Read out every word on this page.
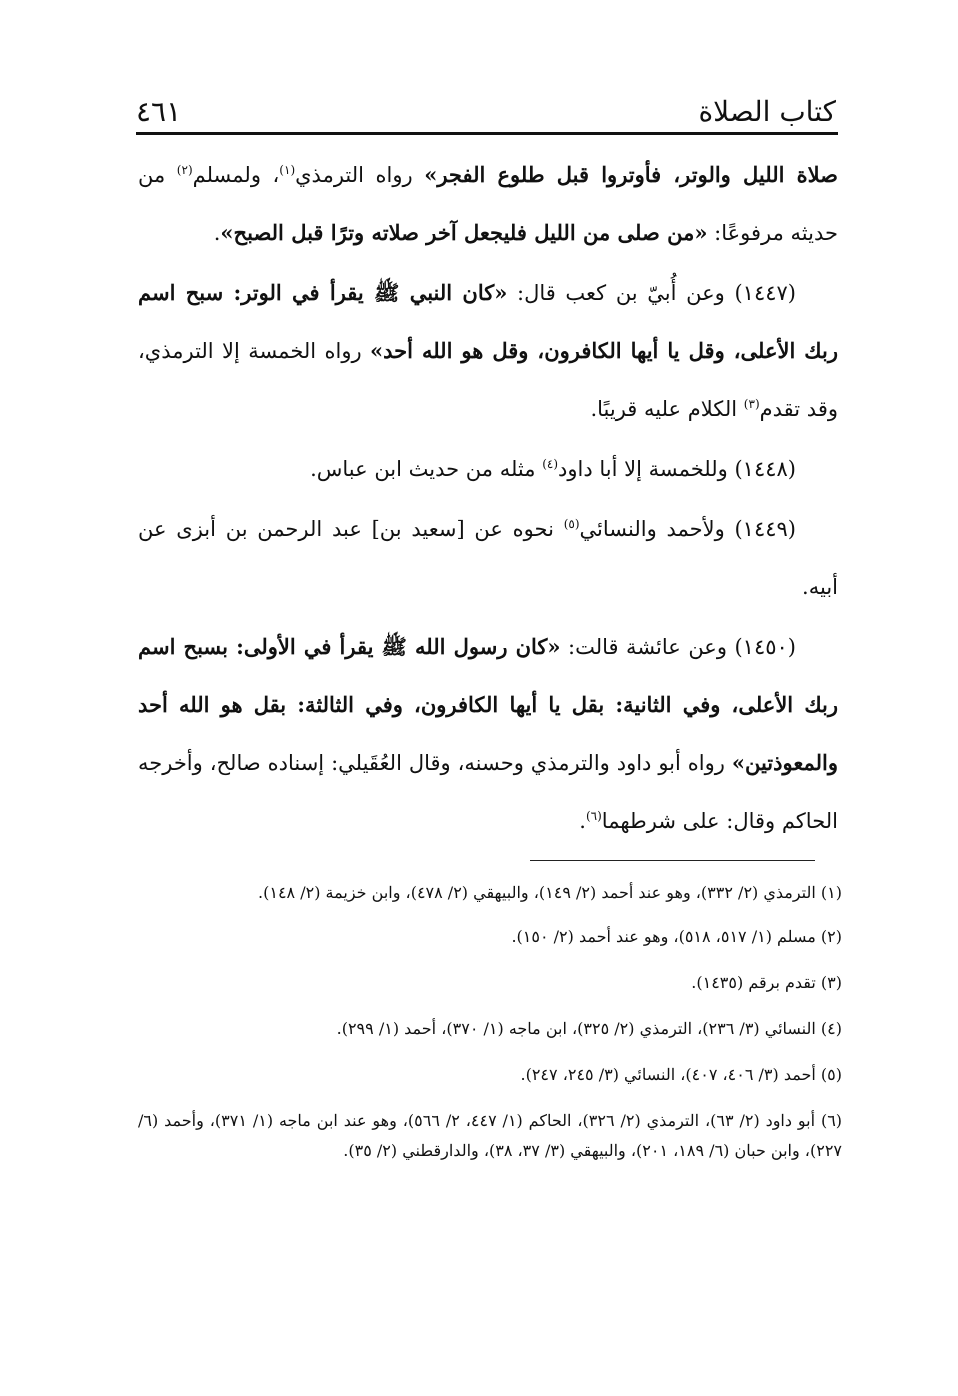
كتاب الصلاة
٤٦١

صلاة الليل والوتر، فأوتروا قبل طلوع الفجر» رواه الترمذي$^{(١)}$، ولمسلم$^{(٢)}$ من حديثه مرفوعًا: «من صلى من الليل فليجعل آخر صلاته وترًا قبل الصبح».

(١٤٤٧) وعن أُبيّ بن كعب قال: «كان النبي ﷺ يقرأ في الوتر: سبح اسم ربك الأعلى، وقل يا أيها الكافرون، وقل هو الله أحد» رواه الخمسة إلا الترمذي، وقد تقدم$^{(٣)}$ الكلام عليه قريبًا.

(١٤٤٨) وللخمسة إلا أبا داود$^{(٤)}$ مثله من حديث ابن عباس.

(١٤٤٩) ولأحمد والنسائي$^{(٥)}$ نحوه عن [سعيد بن] عبد الرحمن بن أبزى عن أبيه.

(١٤٥٠) وعن عائشة قالت: «كان رسول الله ﷺ يقرأ في الأولى: بسبح اسم ربك الأعلى، وفي الثانية: بقل يا أيها الكافرون، وفي الثالثة: بقل هو الله أحد والمعوذتين» رواه أبو داود والترمذي وحسنه، وقال العُقَيلي: إسناده صالح، وأخرجه الحاكم وقال: على شرطهما$^{(٦)}$.

(١) الترمذي (٢/ ٣٣٢)، وهو عند أحمد (٢/ ١٤٩)، والبيهقي (٢/ ٤٧٨)، وابن خزيمة (٢/ ١٤٨).

(٢) مسلم (١/ ٥١٧، ٥١٨)، وهو عند أحمد (٢/ ١٥٠).

(٣) تقدم برقم (١٤٣٥).

(٤) النسائي (٣/ ٢٣٦)، الترمذي (٢/ ٣٢٥)، ابن ماجه (١/ ٣٧٠)، أحمد (١/ ٢٩٩).

(٥) أحمد (٣/ ٤٠٦، ٤٠٧)، النسائي (٣/ ٢٤٥، ٢٤٧).

(٦) أبو داود (٢/ ٦٣)، الترمذي (٢/ ٣٢٦)، الحاكم (١/ ٤٤٧، ٢/ ٥٦٦)، وهو عند ابن ماجه (١/ ٣٧١)، وأحمد (٦/ ٢٢٧)، وابن حبان (٦/ ١٨٩، ٢٠١)، والبيهقي (٣/ ٣٧، ٣٨)، والدارقطني (٢/ ٣٥).
